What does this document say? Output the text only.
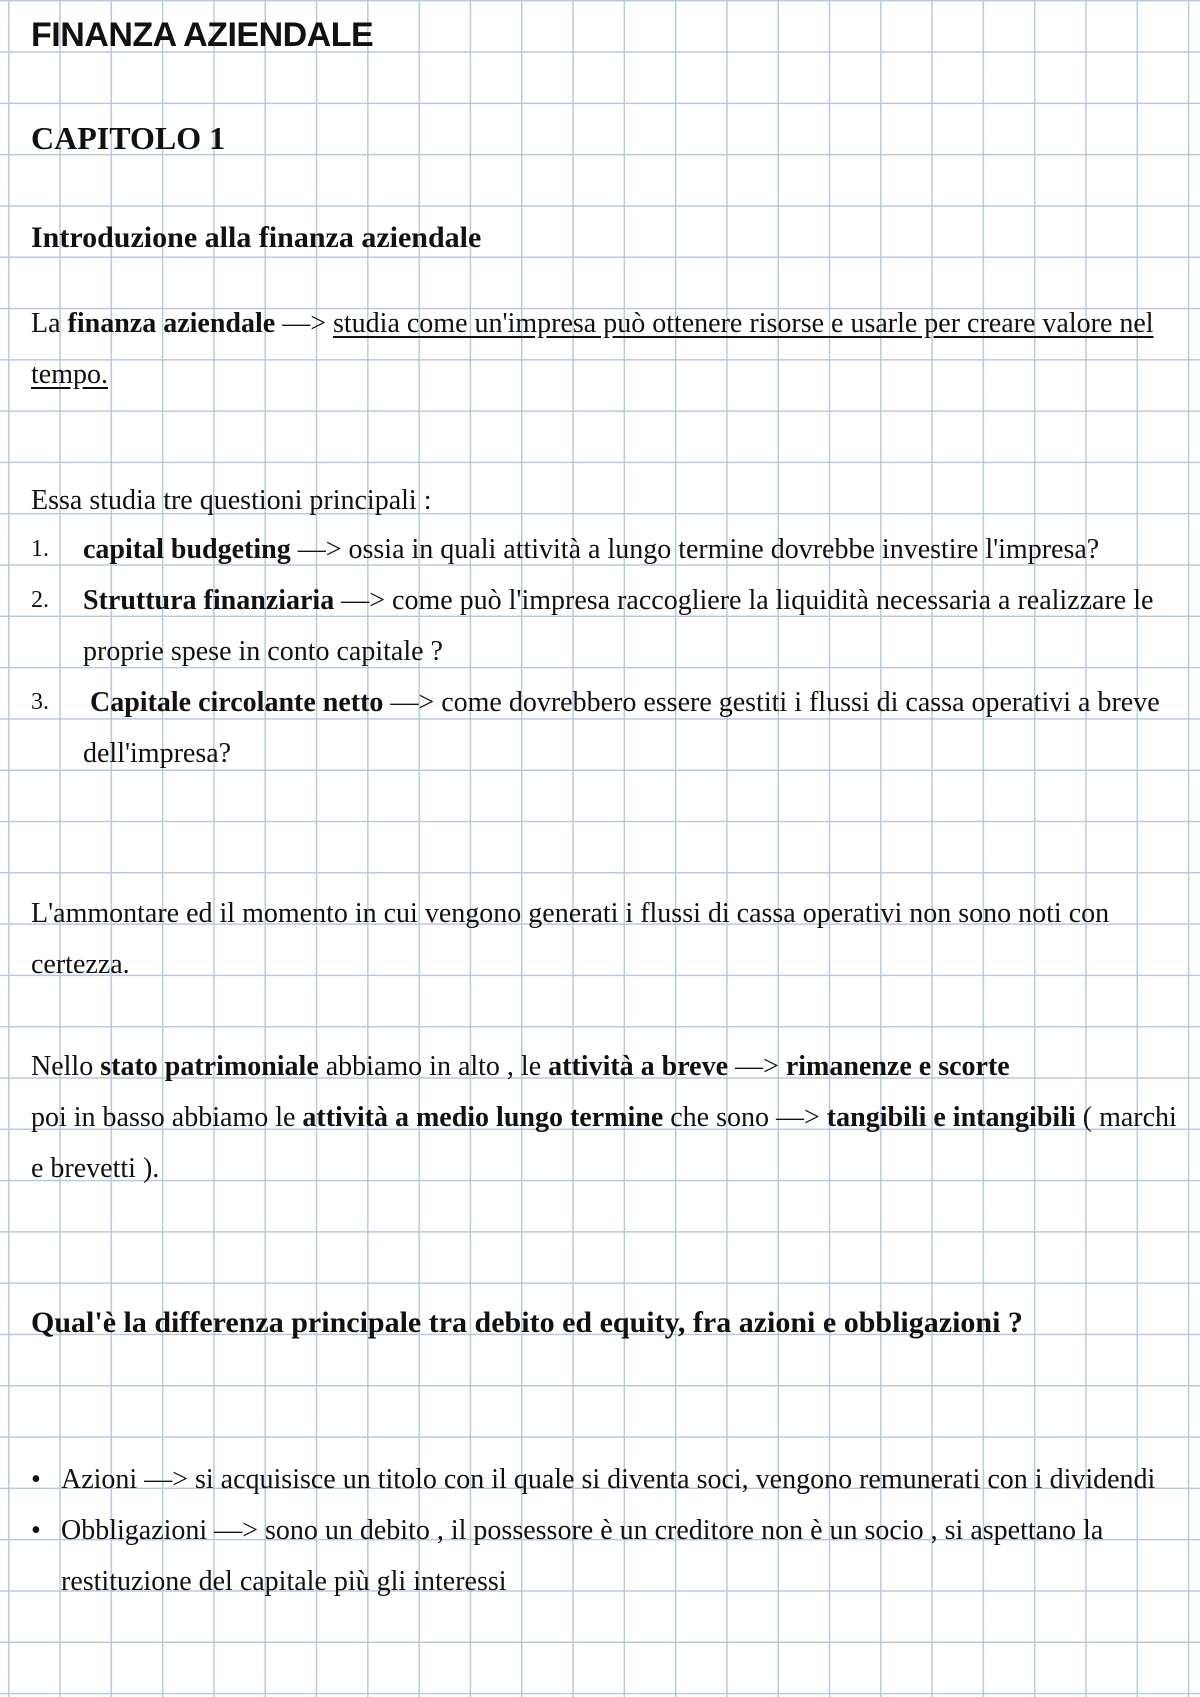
FINANZA AZIENDALE
CAPITOLO 1
Introduzione alla finanza aziendale

La finanza aziendale —> studia come un'impresa può ottenere risorse e usarle per creare valore nel tempo.

Essa studia tre questioni principali :

1. capital budgeting —> ossia in quali attività a lungo termine dovrebbe investire l'impresa?
2. Struttura finanziaria —> come può l'impresa raccogliere la liquidità necessaria a realizzare le proprie spese in conto capitale ?
3. Capitale circolante netto —> come dovrebbero essere gestiti i flussi di cassa operativi a breve dell'impresa?

L'ammontare ed il momento in cui vengono generati i flussi di cassa operativi non sono noti con certezza.

Nello stato patrimoniale abbiamo in alto , le attività a breve —> rimanenze e scorte
poi in basso abbiamo le attività a medio lungo termine che sono —> tangibili e intangibili ( marchi e brevetti ).

Qual'è la differenza principale tra debito ed equity, fra azioni e obbligazioni ?

• Azioni —> si acquisisce un titolo con il quale si diventa soci, vengono remunerati con i dividendi
• Obbligazioni —> sono un debito , il possessore è un creditore non è un socio , si aspettano la restituzione del capitale più gli interessi
